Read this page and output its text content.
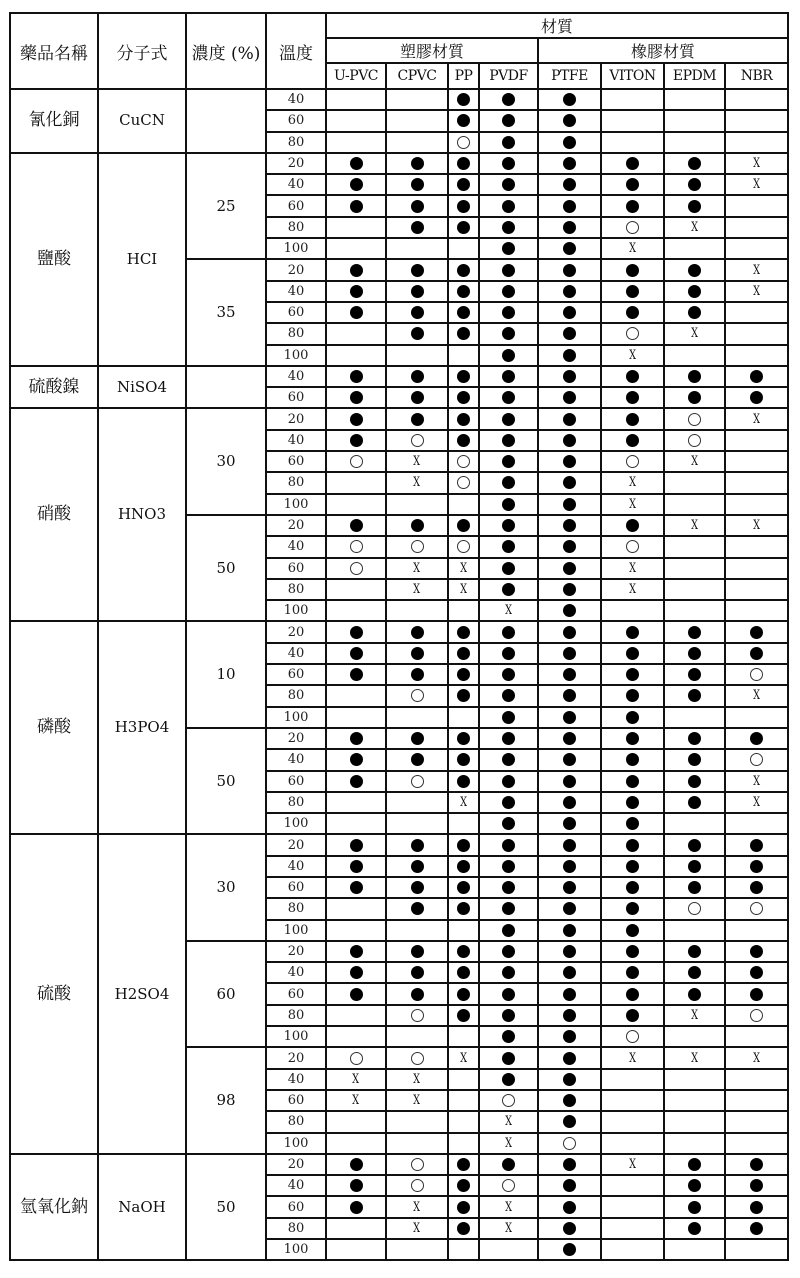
藥品名稱	分子式	濃度 (%)	溫度	材質							
				塑膠材質				橡膠材質			
				U-PVC	CPVC	PP	PVDF	PTFE	VITON	EPDM	NBR
氰化銅	CuCN		40								
			60								
			80								
鹽酸	HCI	25	20								X
			40								X
			60								
			80							X	
			100						X		
		35	20								X
			40								X
			60								
			80							X	
			100						X		
硫酸鎳	NiSO4		40								
			60								
硝酸	HNO3	30	20								X
			40								
			60		X					X	
			80		X				X		
			100						X		
		50	20							X	X
			40								
			60		X	X			X		
			80		X	X			X		
			100				X				
磷酸	H3PO4	10	20								
			40								
			60								
			80								X
			100								
		50	20								
			40								
			60								X
			80			X					X
			100								
硫酸	H2SO4	30	20								
			40								
			60								
			80								
			100								
		60	20								
			40								
			60								
			80							X	
			100								
		98	20			X			X	X	X
			40	X	X						
			60	X	X						
			80				X				
			100				X				
氫氧化鈉	NaOH	50	20						X		
			40								
			60		X		X				
			80		X		X				
			100								
